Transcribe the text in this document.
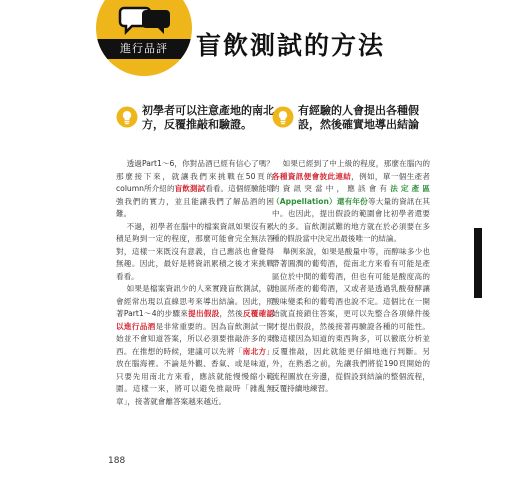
進行品評	盲飲測試的方法
初學者可以注意產地的南北方，反覆推敲和驗證。

透過Part1～6，你對品酒已經有信心了嗎？那麼接下來，就讓我們來挑戰在50頁的column所介紹的盲飲測試看看。這個經驗能增強我們的實力，並且能讓我們了解品酒的困難。

不過，初學者在腦中的檔案資訊如果沒有累積足夠到一定的程度，那麼可能會完全無法答對，這樣一來既沒有意義，自己應該也會覺得無趣。因此，最好是將資訊累積之後才來挑戰看看。

如果是檔案資訊少的人來實踐盲飲測試，就會經常出現以直線思考來導出結論。因此，照著Part1～4的步驟來提出假設，然後反覆確認以進行品酒是非常重要的。因為盲飲測試一開始並不會知道答案，所以必須要推敲許多的東西。在推想的時候，建議可以先將「南北方」放在腦海裡。不論是外觀、香氣、或是味道，只要先用南北方來看，應該就能慢慢縮小範圍。這樣一來，將可以避免推敲時「雜亂無章」，接著就會離答案越來越近。

有經驗的人會提出各種假設，然後確實地導出結論

如果已經到了中上級的程度，那麼在腦內的各種資訊便會彼此連結，例如，單一個生產者的資訊突當中，應該會有法定產區（Appellation）還有年份等大量的資訊在其中。也因此，提出假設的範圍會比初學者還要大的多。盲飲測試難的地方就在於必須要在多種的假設當中決定出最後唯一的結論。

舉例來說，如果是酸量中等，而醇味多少也帶著圓潤的葡萄酒，從南北方來看有可能是產區位於中間的葡萄酒，但也有可能是酸度高的地區所產的葡萄酒，又或者是透過乳酸發酵讓酸味變柔和的葡萄酒也說不定。這個比在一開始就直接鎖住答案，更可以先整合各項條件後才提出假設，然後接著再驗證各種的可能性。像這樣因為知道的東西夠多，可以徹底分析並反覆推敲，因此就能更仔細地進行判斷。另外，在熟悉之前，先讓我們將從190頁開始的流程圖放在旁邊，從假設到結論的整個流程，反覆持續地練習。

188
